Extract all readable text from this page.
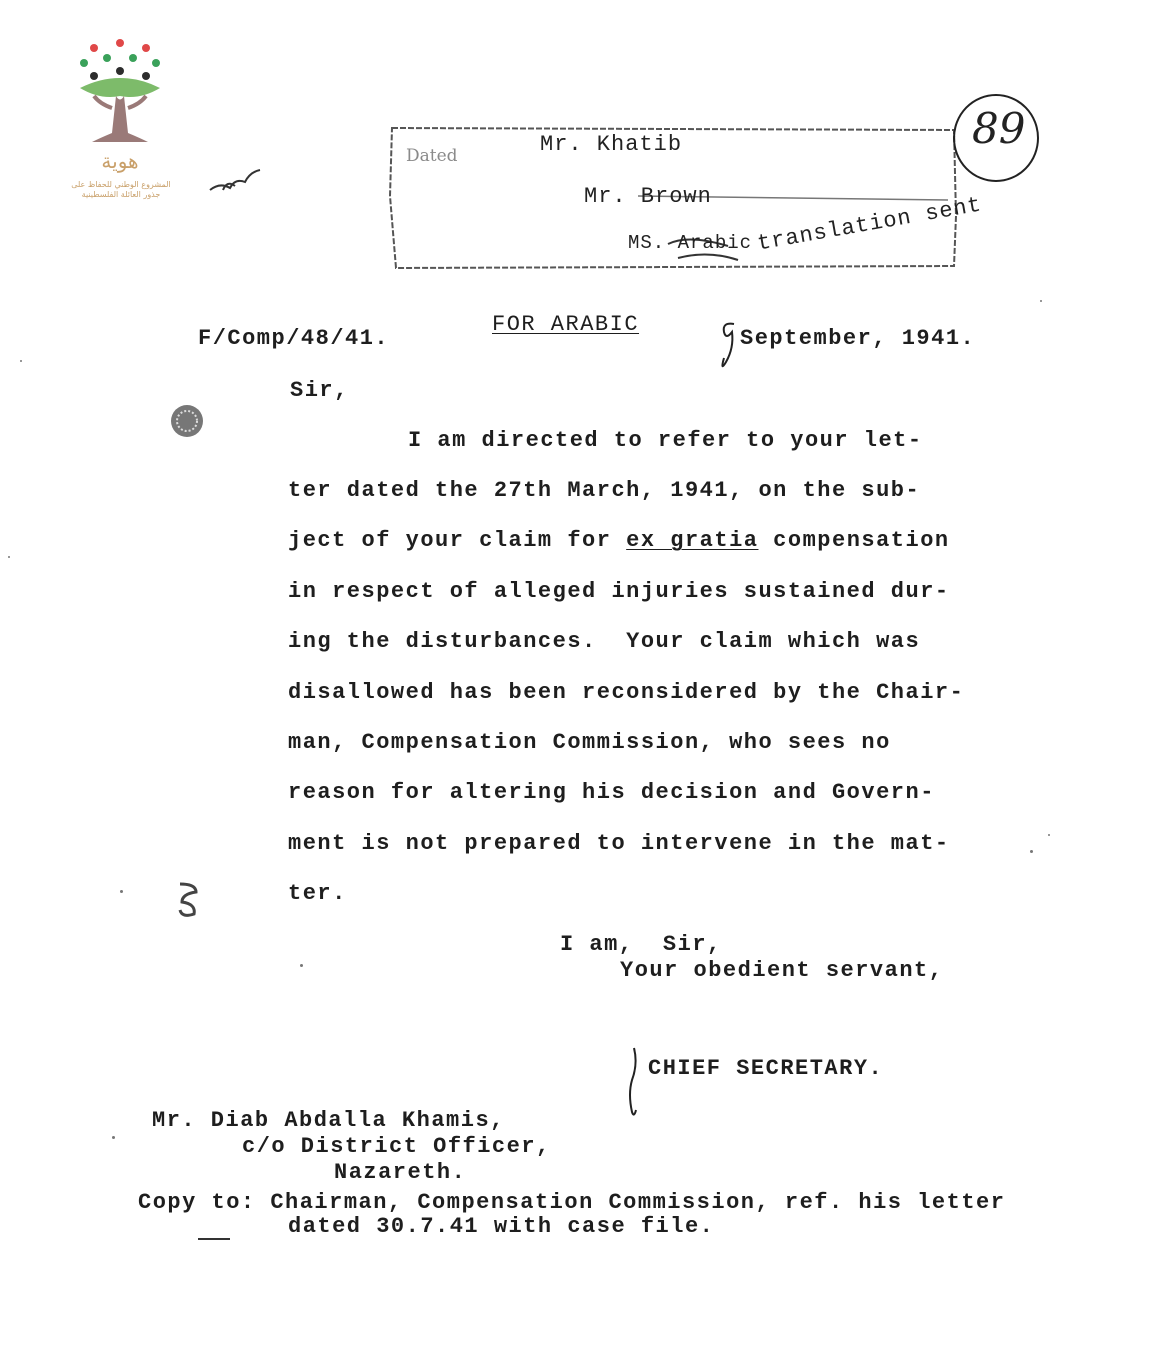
هوية
المشروع الوطني للحفاظ على
جذور العائلة الفلسطينية
Dated	Mr. Khatib
Mr. Brown
MS. Arabic translation sent
89
F/Comp/48/41.
FOR ARABIC
September, 1941.
Sir,
I am directed to refer to your let-
ter dated the 27th March, 1941, on the sub-
ject of your claim for ex gratia compensation
in respect of alleged injuries sustained dur-
ing the disturbances.  Your claim which was
disallowed has been reconsidered by the Chair-
man, Compensation Commission, who sees no
reason for altering his decision and Govern-
ment is not prepared to intervene in the mat-
ter.
I am,  Sir,
Your obedient servant,
CHIEF SECRETARY.
Mr. Diab Abdalla Khamis,
c/o District Officer,
Nazareth.
Copy to: Chairman, Compensation Commission, ref. his letter
dated 30.7.41 with case file.
